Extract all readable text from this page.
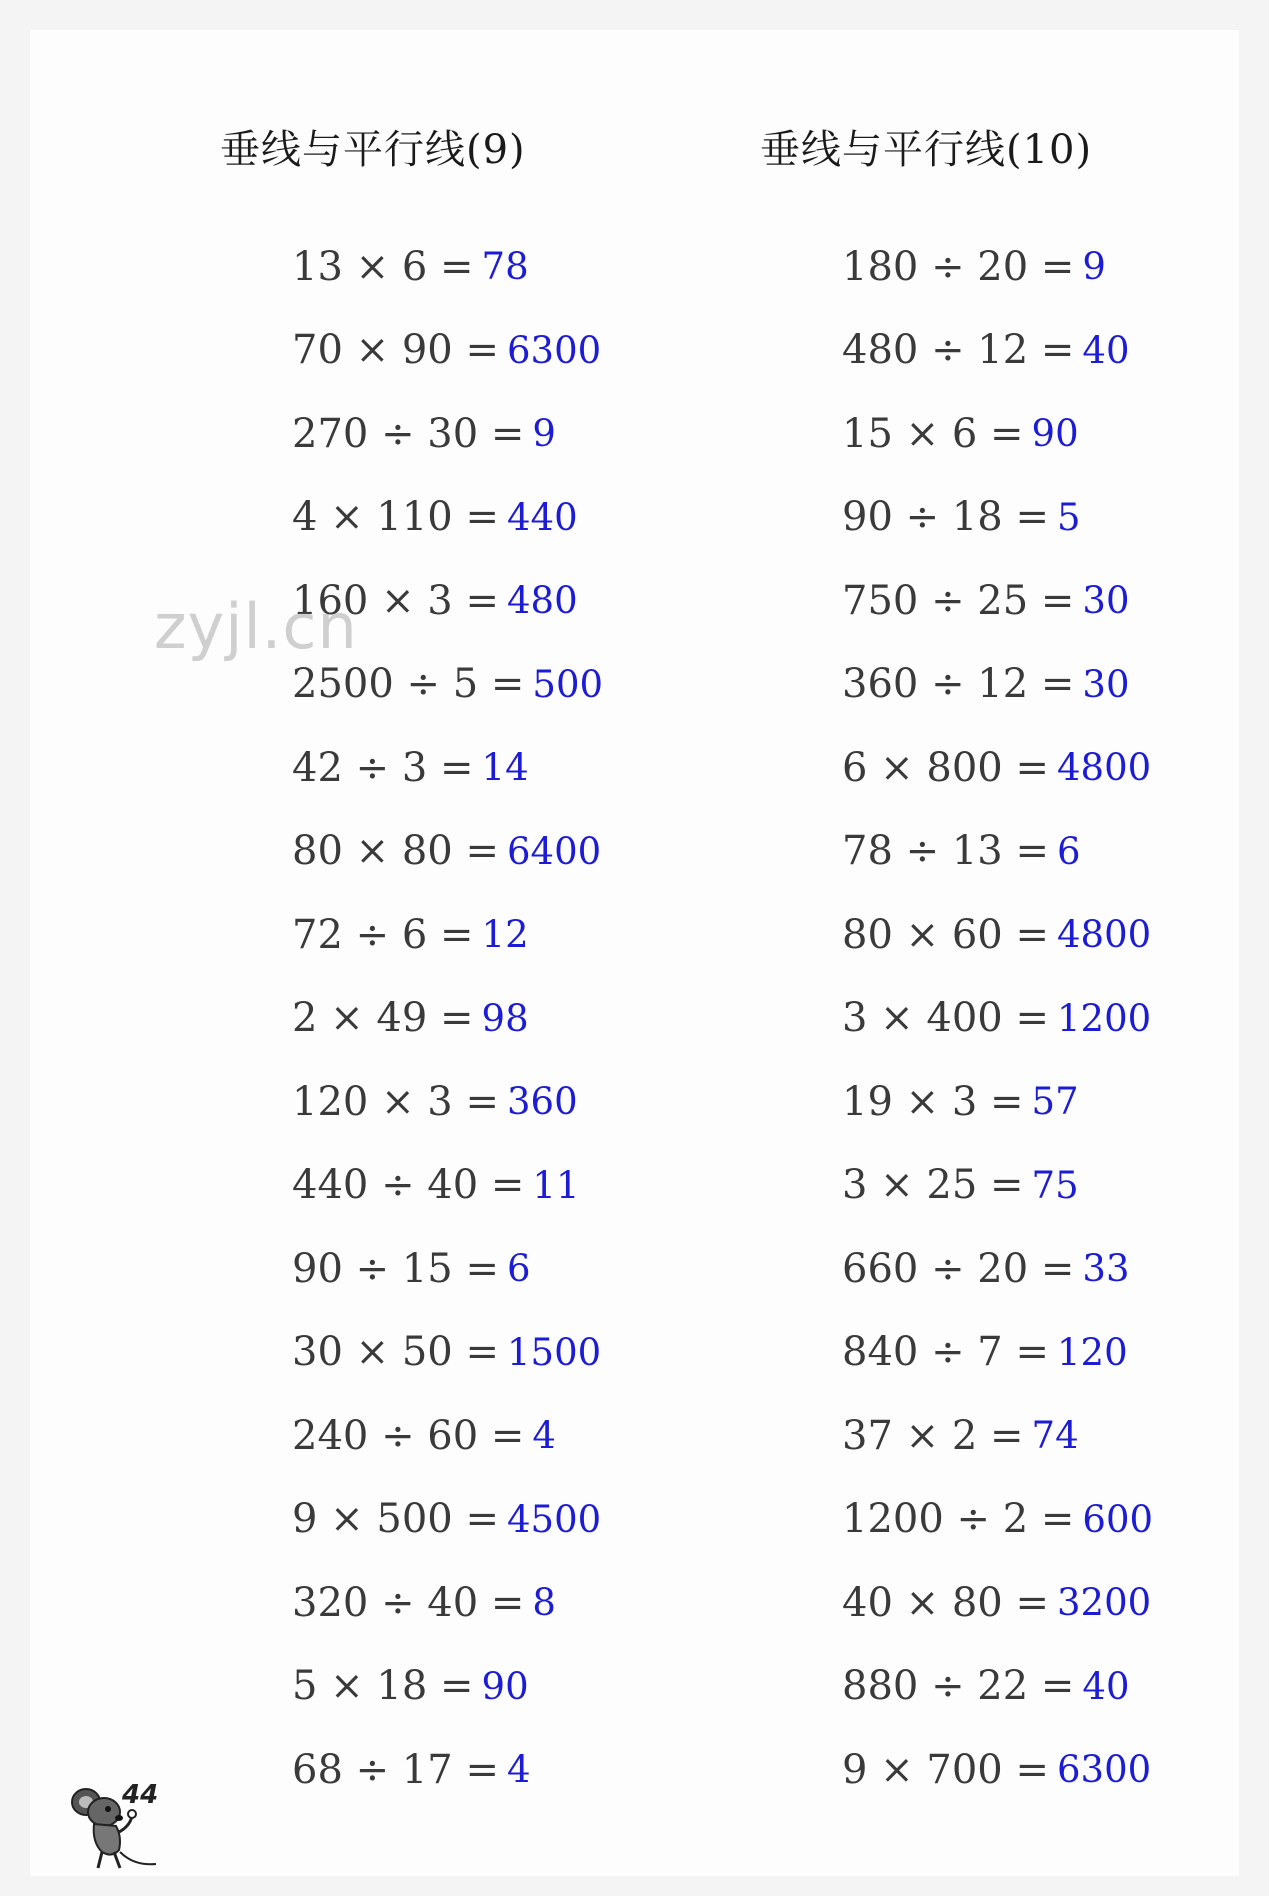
垂线与平行线(9)
13 × 6 = 78
70 × 90 = 6300
270 ÷ 30 = 9
4 × 110 = 440
160 × 3 = 480
2500 ÷ 5 = 500
42 ÷ 3 = 14
80 × 80 = 6400
72 ÷ 6 = 12
2 × 49 = 98
120 × 3 = 360
440 ÷ 40 = 11
90 ÷ 15 = 6
30 × 50 = 1500
240 ÷ 60 = 4
9 × 500 = 4500
320 ÷ 40 = 8
5 × 18 = 90
68 ÷ 17 = 4
垂线与平行线(10)
180 ÷ 20 = 9
480 ÷ 12 = 40
15 × 6 = 90
90 ÷ 18 = 5
750 ÷ 25 = 30
360 ÷ 12 = 30
6 × 800 = 4800
78 ÷ 13 = 6
80 × 60 = 4800
3 × 400 = 1200
19 × 3 = 57
3 × 25 = 75
660 ÷ 20 = 33
840 ÷ 7 = 120
37 × 2 = 74
1200 ÷ 2 = 600
40 × 80 = 3200
880 ÷ 22 = 40
9 × 700 = 6300
zyjl.cn
44
